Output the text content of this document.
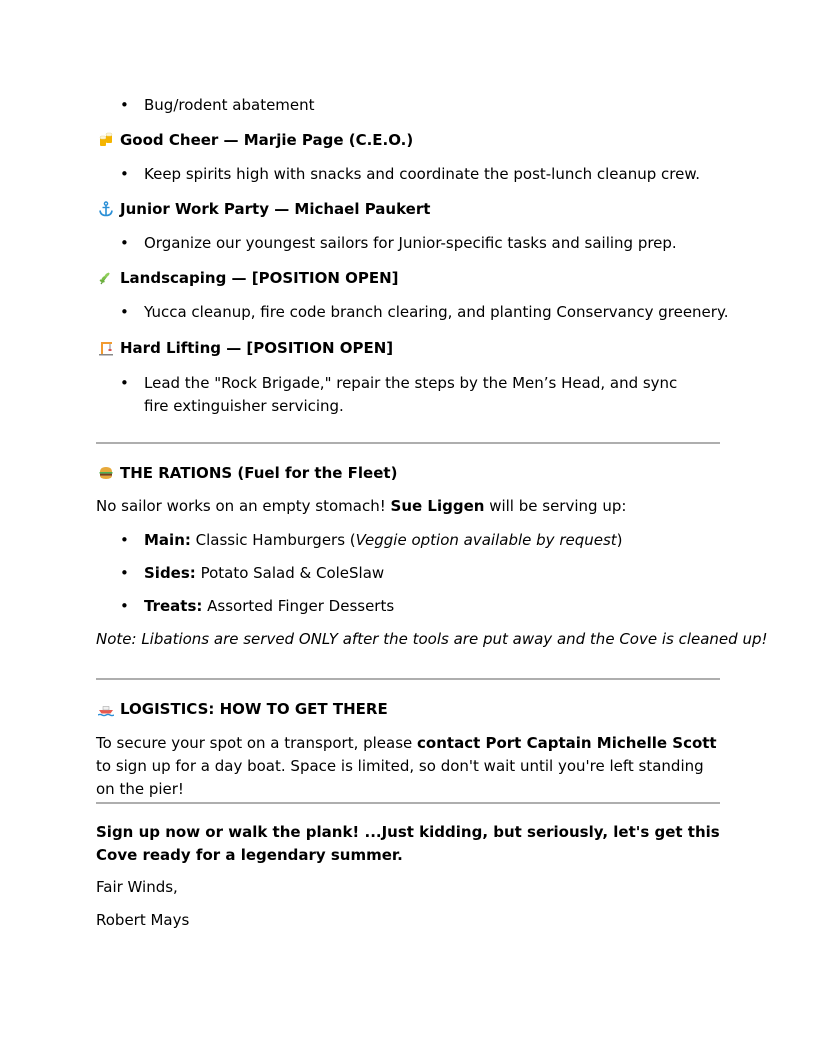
• Bug/rodent abatement

Good Cheer — Marjie Page (C.E.O.)

• Keep spirits high with snacks and coordinate the post-lunch cleanup crew.

Junior Work Party — Michael Paukert

• Organize our youngest sailors for Junior-specific tasks and sailing prep.

Landscaping — [POSITION OPEN]

• Yucca cleanup, fire code branch clearing, and planting Conservancy greenery.

Hard Lifting — [POSITION OPEN]

• Lead the "Rock Brigade," repair the steps by the Men’s Head, and sync fire extinguisher servicing.

THE RATIONS (Fuel for the Fleet)

No sailor works on an empty stomach! Sue Liggen will be serving up:

• Main: Classic Hamburgers (Veggie option available by request)

• Sides: Potato Salad & ColeSlaw

• Treats: Assorted Finger Desserts

Note: Libations are served ONLY after the tools are put away and the Cove is cleaned up!

LOGISTICS: HOW TO GET THERE

To secure your spot on a transport, please contact Port Captain Michelle Scott to sign up for a day boat. Space is limited, so don't wait until you're left standing on the pier!

Sign up now or walk the plank! ...Just kidding, but seriously, let's get this Cove ready for a legendary summer.

Fair Winds,

Robert Mays
